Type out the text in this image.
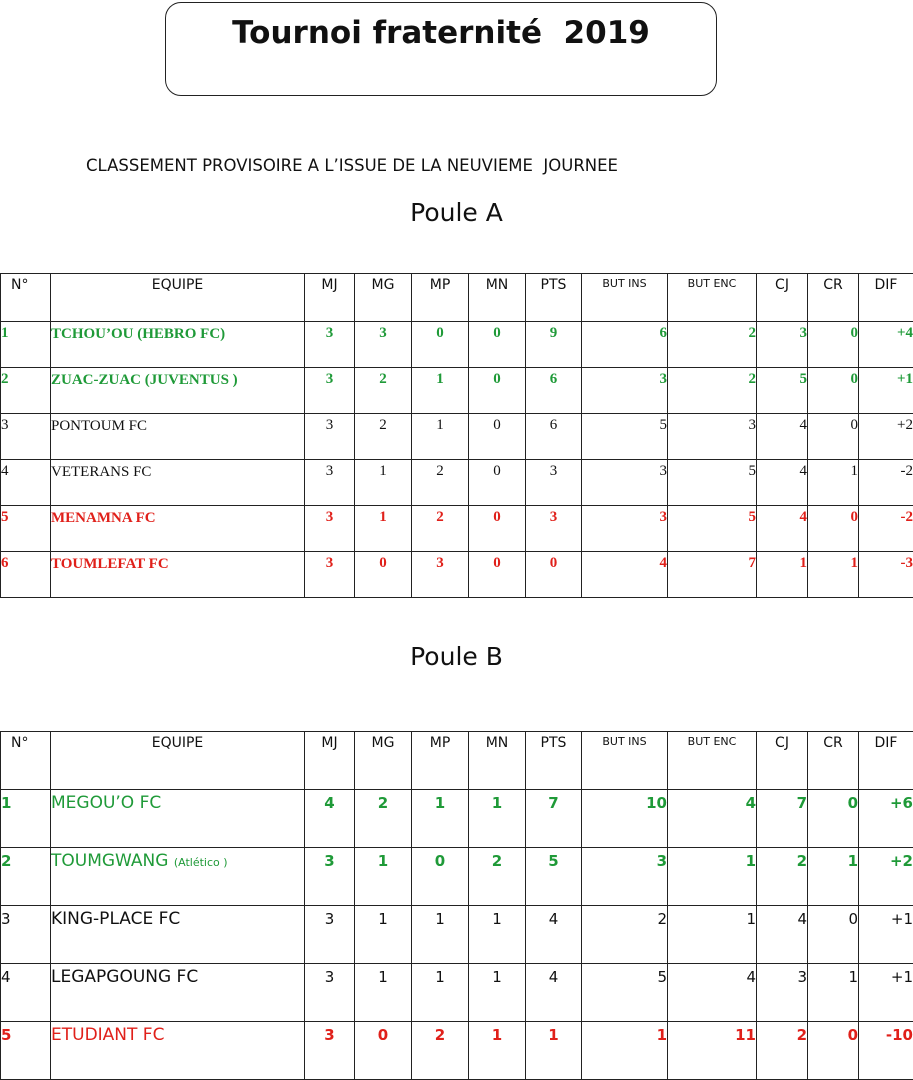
Tournoi fraternité  2019
CLASSEMENT PROVISOIRE A L’ISSUE DE LA NEUVIEME  JOURNEE
Poule A
N°	EQUIPE	MJ	MG	MP	MN	PTS	BUT INS	BUT ENC	CJ	CR	DIF
1	TCHOU’OU (HEBRO FC)	3	3	0	0	9	6	2	3	0	+4
2	ZUAC-ZUAC (JUVENTUS )	3	2	1	0	6	3	2	5	0	+1
3	PONTOUM FC	3	2	1	0	6	5	3	4	0	+2
4	VETERANS FC	3	1	2	0	3	3	5	4	1	-2
5	MENAMNA FC	3	1	2	0	3	3	5	4	0	-2
6	TOUMLEFAT FC	3	0	3	0	0	4	7	1	1	-3
Poule B
N°	EQUIPE	MJ	MG	MP	MN	PTS	BUT INS	BUT ENC	CJ	CR	DIF
1	MEGOU’O FC	4	2	1	1	7	10	4	7	0	+6
2	TOUMGWANG (Atlético )	3	1	0	2	5	3	1	2	1	+2
3	KING-PLACE FC	3	1	1	1	4	2	1	4	0	+1
4	LEGAPGOUNG FC	3	1	1	1	4	5	4	3	1	+1
5	ETUDIANT FC	3	0	2	1	1	1	11	2	0	-10
